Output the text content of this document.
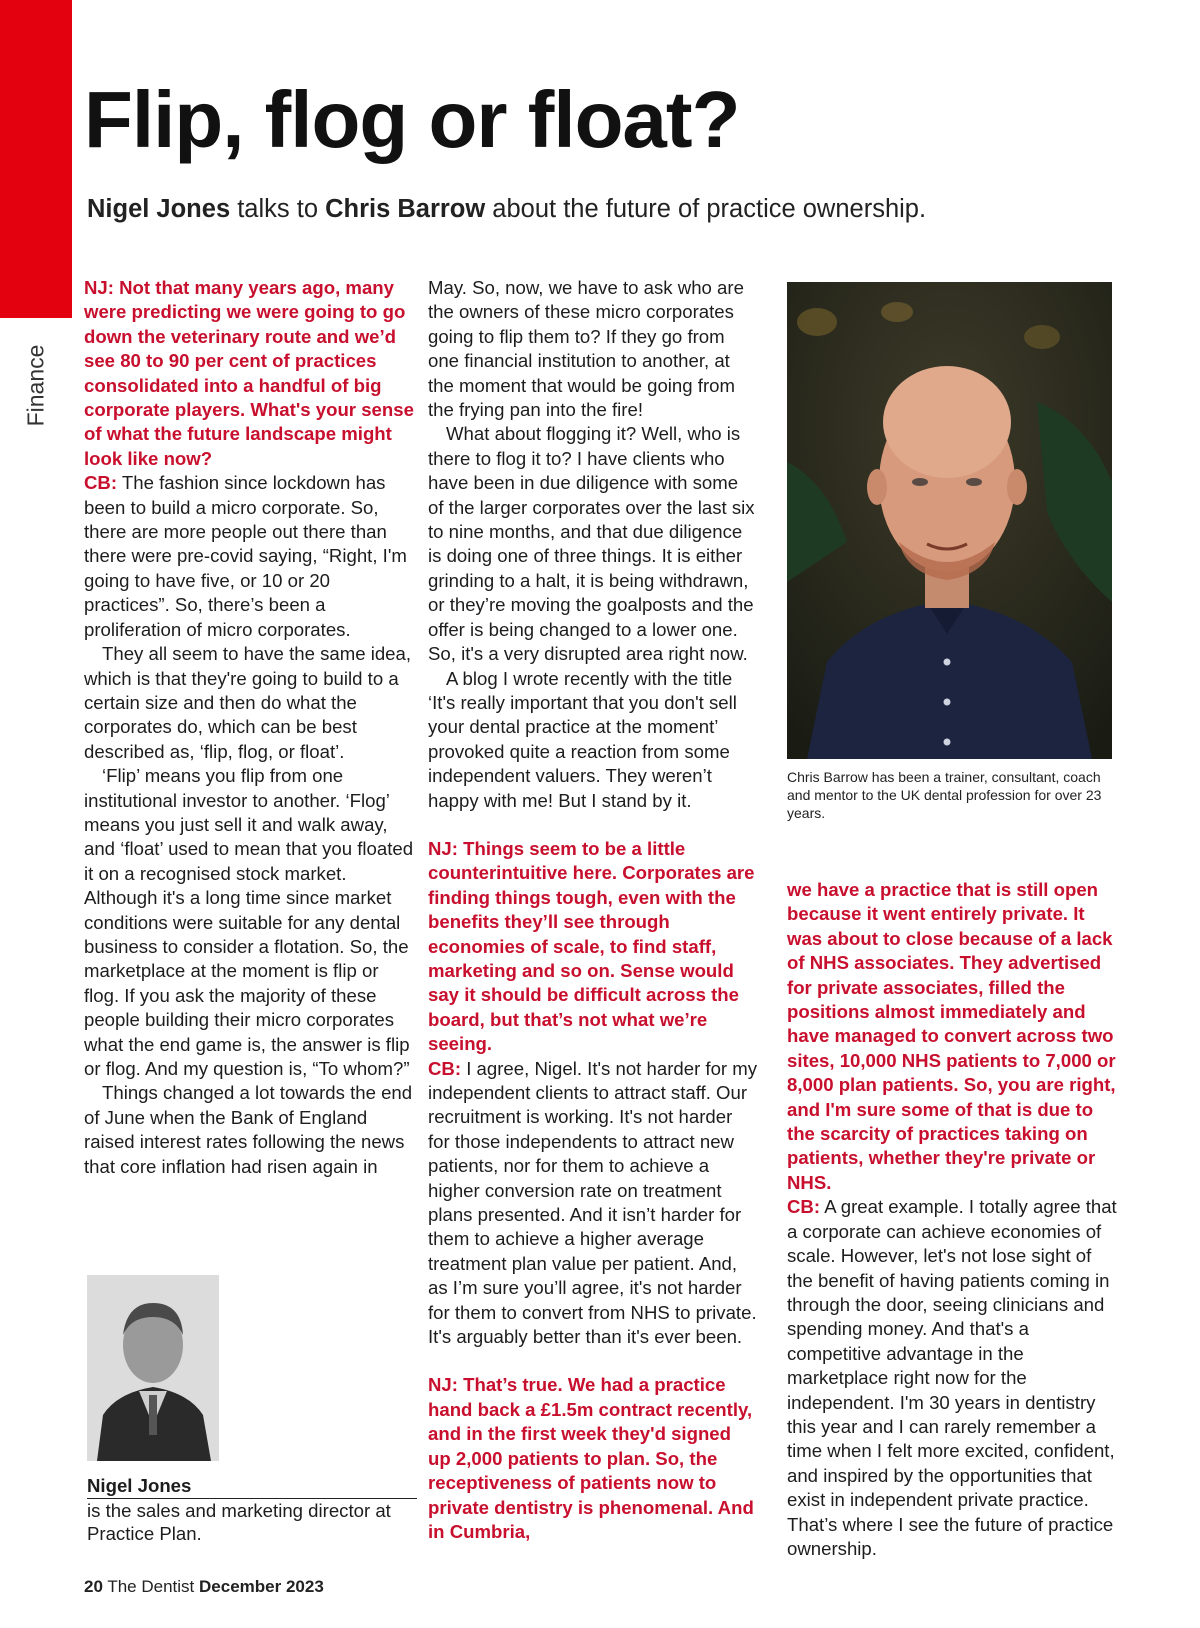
Finance
Flip, flog or float?

Nigel Jones talks to Chris Barrow about the future of practice ownership.

NJ: Not that many years ago, many were predicting we were going to go down the veterinary route and we’d see 80 to 90 per cent of practices consolidated into a handful of big corporate players. What's your sense of what the future landscape might look like now?

CB: The fashion since lockdown has been to build a micro corporate. So, there are more people out there than there were pre-covid saying, “Right, I'm going to have five, or 10 or 20 practices”. So, there’s been a proliferation of micro corporates.

They all seem to have the same idea, which is that they're going to build to a certain size and then do what the corporates do, which can be best described as, ‘flip, flog, or float’.

‘Flip’ means you flip from one institutional investor to another. ‘Flog’ means you just sell it and walk away, and ‘float’ used to mean that you floated it on a recognised stock market. Although it's a long time since market conditions were suitable for any dental business to consider a flotation. So, the marketplace at the moment is flip or flog. If you ask the majority of these people building their micro corporates what the end game is, the answer is flip or flog. And my question is, “To whom?”

Things changed a lot towards the end of June when the Bank of England raised interest rates following the news that core inflation had risen again in

Nigel Jones
is the sales and marketing director at Practice Plan.

May. So, now, we have to ask who are the owners of these micro corporates going to flip them to? If they go from one financial institution to another, at the moment that would be going from the frying pan into the fire!

What about flogging it? Well, who is there to flog it to? I have clients who have been in due diligence with some of the larger corporates over the last six to nine months, and that due diligence is doing one of three things. It is either grinding to a halt, it is being withdrawn, or they’re moving the goalposts and the offer is being changed to a lower one. So, it's a very disrupted area right now.

A blog I wrote recently with the title ‘It's really important that you don't sell your dental practice at the moment’ provoked quite a reaction from some independent valuers. They weren’t happy with me! But I stand by it.

NJ: Things seem to be a little counterintuitive here. Corporates are finding things tough, even with the benefits they’ll see through economies of scale, to find staff, marketing and so on. Sense would say it should be difficult across the board, but that’s not what we’re seeing.

CB: I agree, Nigel. It's not harder for my independent clients to attract staff. Our recruitment is working. It's not harder for those independents to attract new patients, nor for them to achieve a higher conversion rate on treatment plans presented. And it isn’t harder for them to achieve a higher average treatment plan value per patient. And, as I’m sure you’ll agree, it's not harder for them to convert from NHS to private. It's arguably better than it's ever been.

NJ: That’s true. We had a practice hand back a £1.5m contract recently, and in the first week they'd signed up 2,000 patients to plan. So, the receptiveness of patients now to private dentistry is phenomenal. And in Cumbria,

Chris Barrow has been a trainer, consultant, coach and mentor to the UK dental profession for over 23 years.

we have a practice that is still open because it went entirely private. It was about to close because of a lack of NHS associates. They advertised for private associates, filled the positions almost immediately and have managed to convert across two sites, 10,000 NHS patients to 7,000 or 8,000 plan patients. So, you are right, and I'm sure some of that is due to the scarcity of practices taking on patients, whether they're private or NHS.

CB: A great example. I totally agree that a corporate can achieve economies of scale. However, let's not lose sight of the benefit of having patients coming in through the door, seeing clinicians and spending money. And that's a competitive advantage in the marketplace right now for the independent. I'm 30 years in dentistry this year and I can rarely remember a time when I felt more excited, confident, and inspired by the opportunities that exist in independent private practice. That’s where I see the future of practice ownership.

20 The Dentist December 2023
